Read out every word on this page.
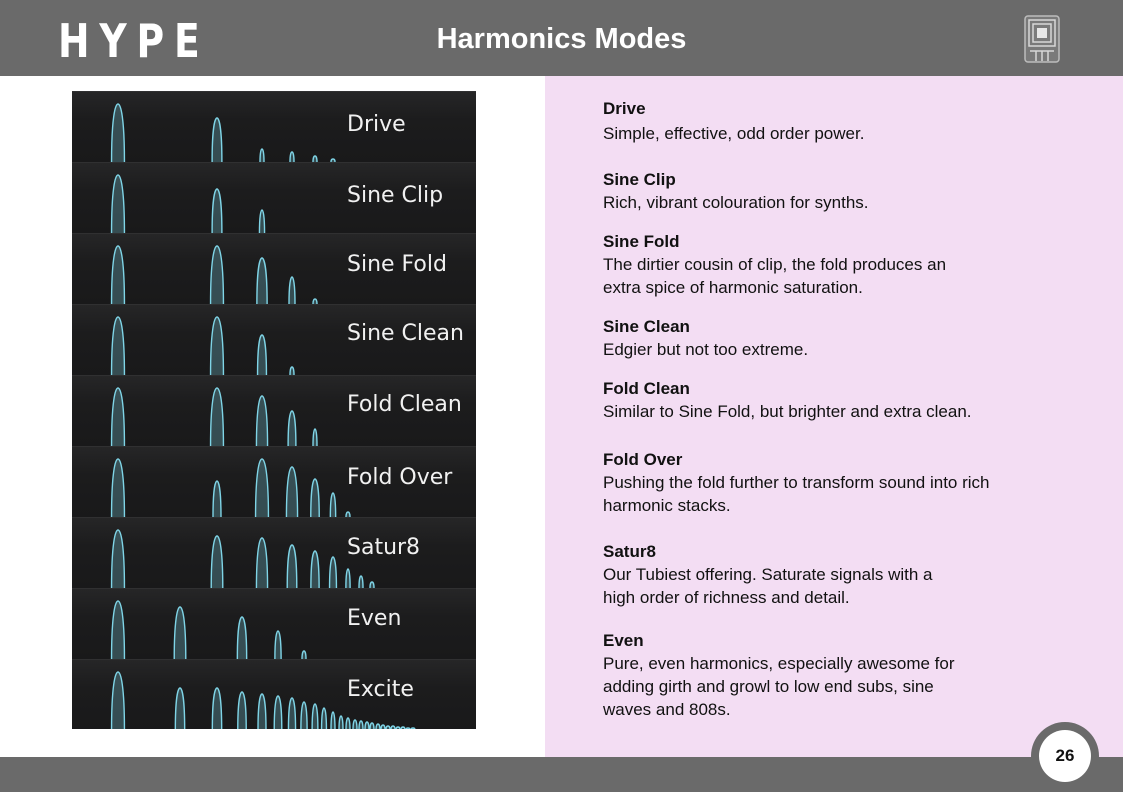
HYPE	Harmonics Modes
Drive
Sine Clip
Sine Fold
Sine Clean
Fold Clean
Fold Over
Satur8
Even
Excite
Drive
Simple, effective, odd order power.
Sine Clip
Rich, vibrant colouration for synths.
Sine Fold
The dirtier cousin of clip, the fold produces an
extra spice of harmonic saturation.
Sine Clean
Edgier but not too extreme.
Fold Clean
Similar to Sine Fold, but brighter and extra clean.
Fold Over
Pushing the fold further to transform sound into rich
harmonic stacks.
Satur8
Our Tubiest offering. Saturate signals with a
high order of richness and detail.
Even
Pure, even harmonics, especially awesome for
adding girth and growl to low end subs, sine
waves and 808s.
26
